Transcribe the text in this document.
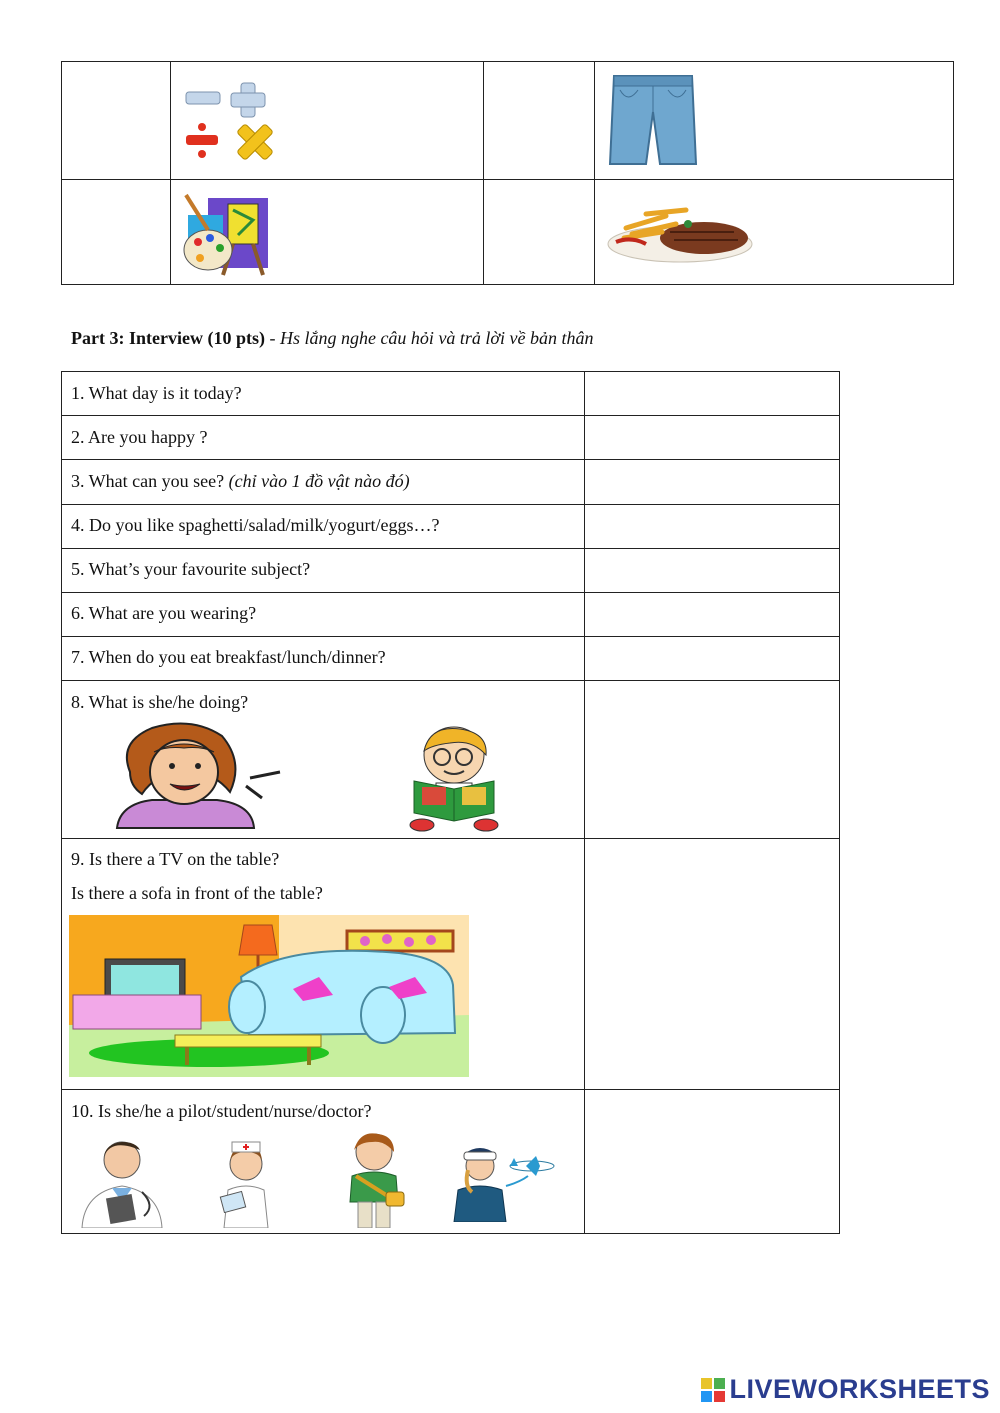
Part 3: Interview (10 pts) - Hs lắng nghe câu hỏi và trả lời về bản thân
1. What day is it today?
2. Are you happy ?
3. What can you see? (chỉ vào 1 đồ vật nào đó)
4. Do you like spaghetti/salad/milk/yogurt/eggs…?
5. What’s your favourite subject?
6. What are you wearing?
7. When do you eat breakfast/lunch/dinner?
8. What is she/he doing?
9. Is there a TV on the table?
Is there a sofa in front of the table?
10. Is she/he a pilot/student/nurse/doctor?
LIVEWORKSHEETS
